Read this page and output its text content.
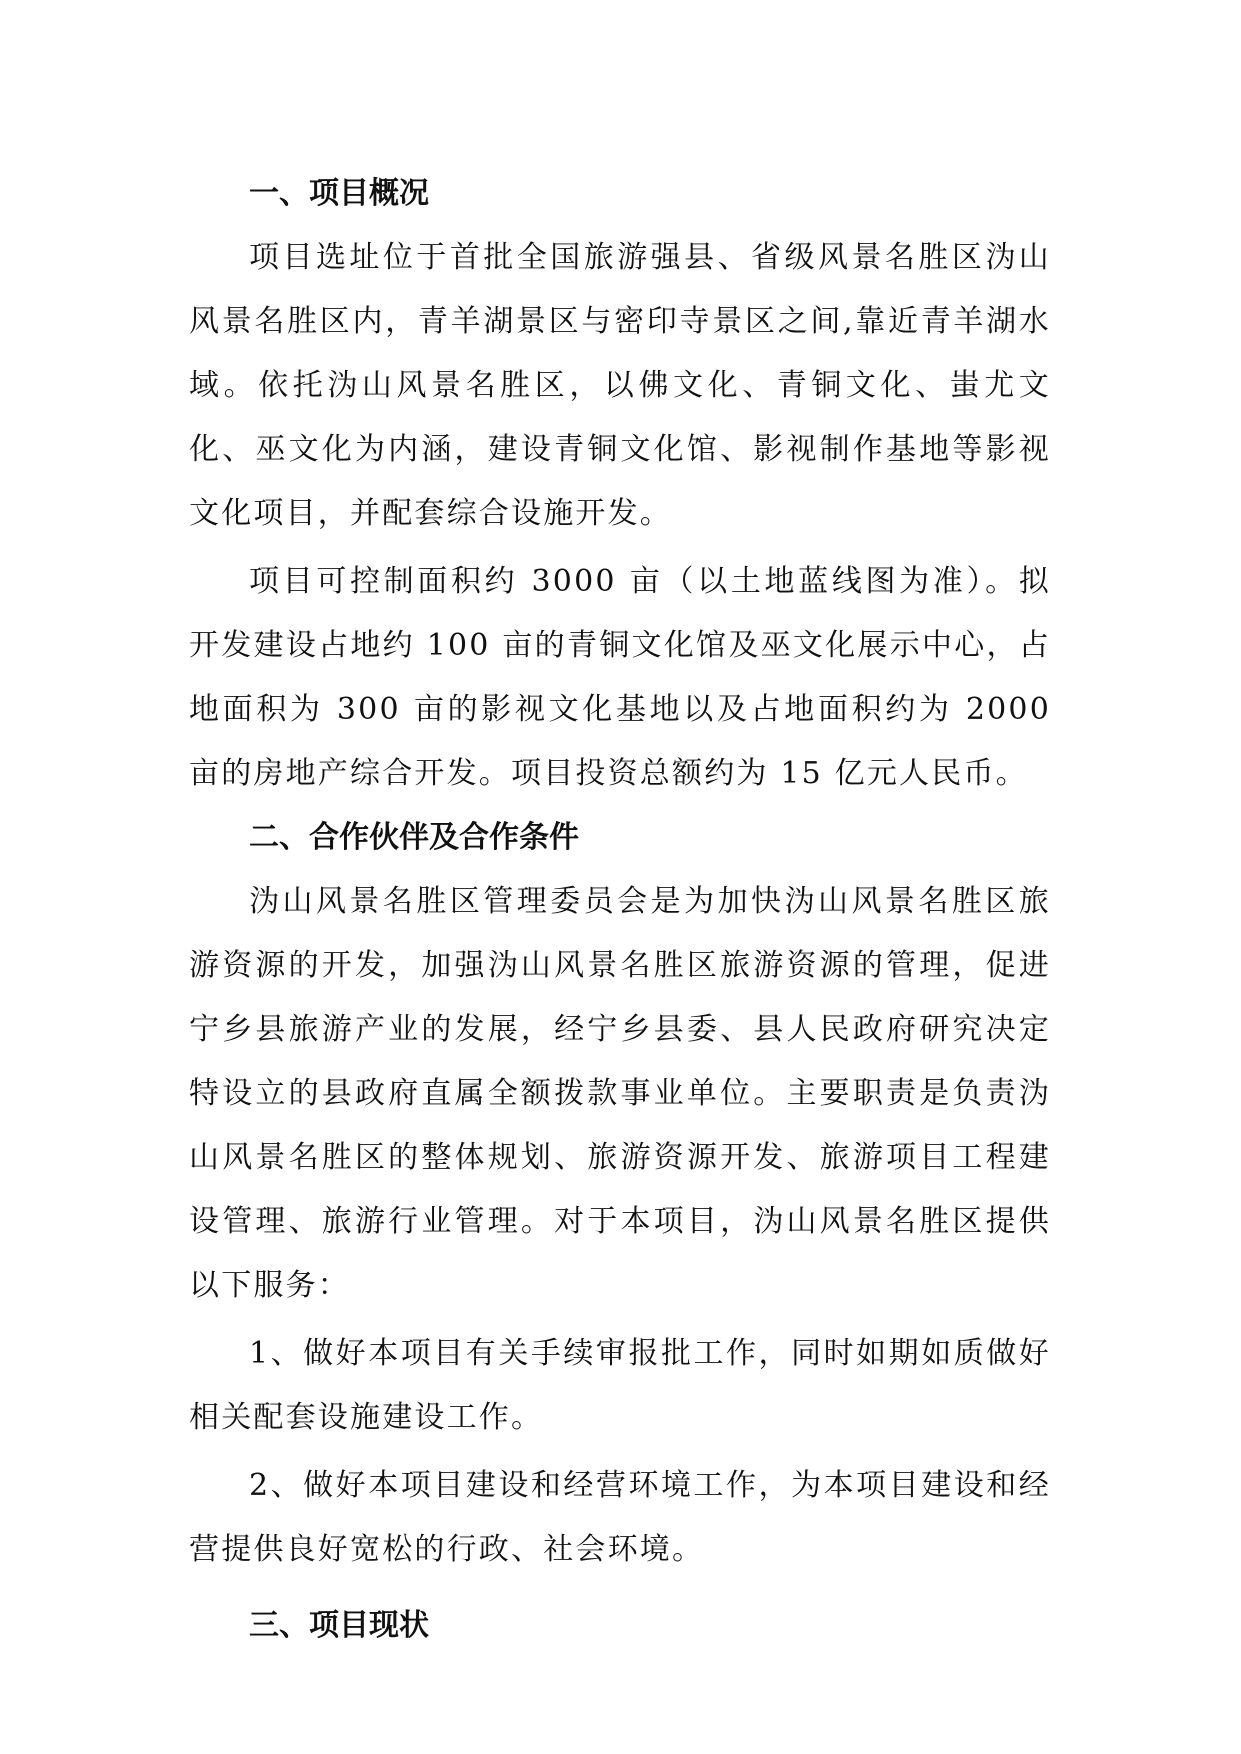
一、项目概况

项目选址位于首批全国旅游强县、省级风景名胜区沩山风景名胜区内，青羊湖景区与密印寺景区之间,靠近青羊湖水域。依托沩山风景名胜区，以佛文化、青铜文化、蚩尤文化、巫文化为内涵，建设青铜文化馆、影视制作基地等影视文化项目，并配套综合设施开发。

项目可控制面积约 3000 亩（以土地蓝线图为准）。拟开发建设占地约 100 亩的青铜文化馆及巫文化展示中心，占地面积为 300 亩的影视文化基地以及占地面积约为 2000 亩的房地产综合开发。项目投资总额约为 15 亿元人民币。

二、合作伙伴及合作条件

沩山风景名胜区管理委员会是为加快沩山风景名胜区旅游资源的开发，加强沩山风景名胜区旅游资源的管理，促进宁乡县旅游产业的发展，经宁乡县委、县人民政府研究决定特设立的县政府直属全额拨款事业单位。主要职责是负责沩山风景名胜区的整体规划、旅游资源开发、旅游项目工程建设管理、旅游行业管理。对于本项目，沩山风景名胜区提供以下服务：

1、做好本项目有关手续审报批工作，同时如期如质做好相关配套设施建设工作。

2、做好本项目建设和经营环境工作，为本项目建设和经营提供良好宽松的行政、社会环境。

三、项目现状
